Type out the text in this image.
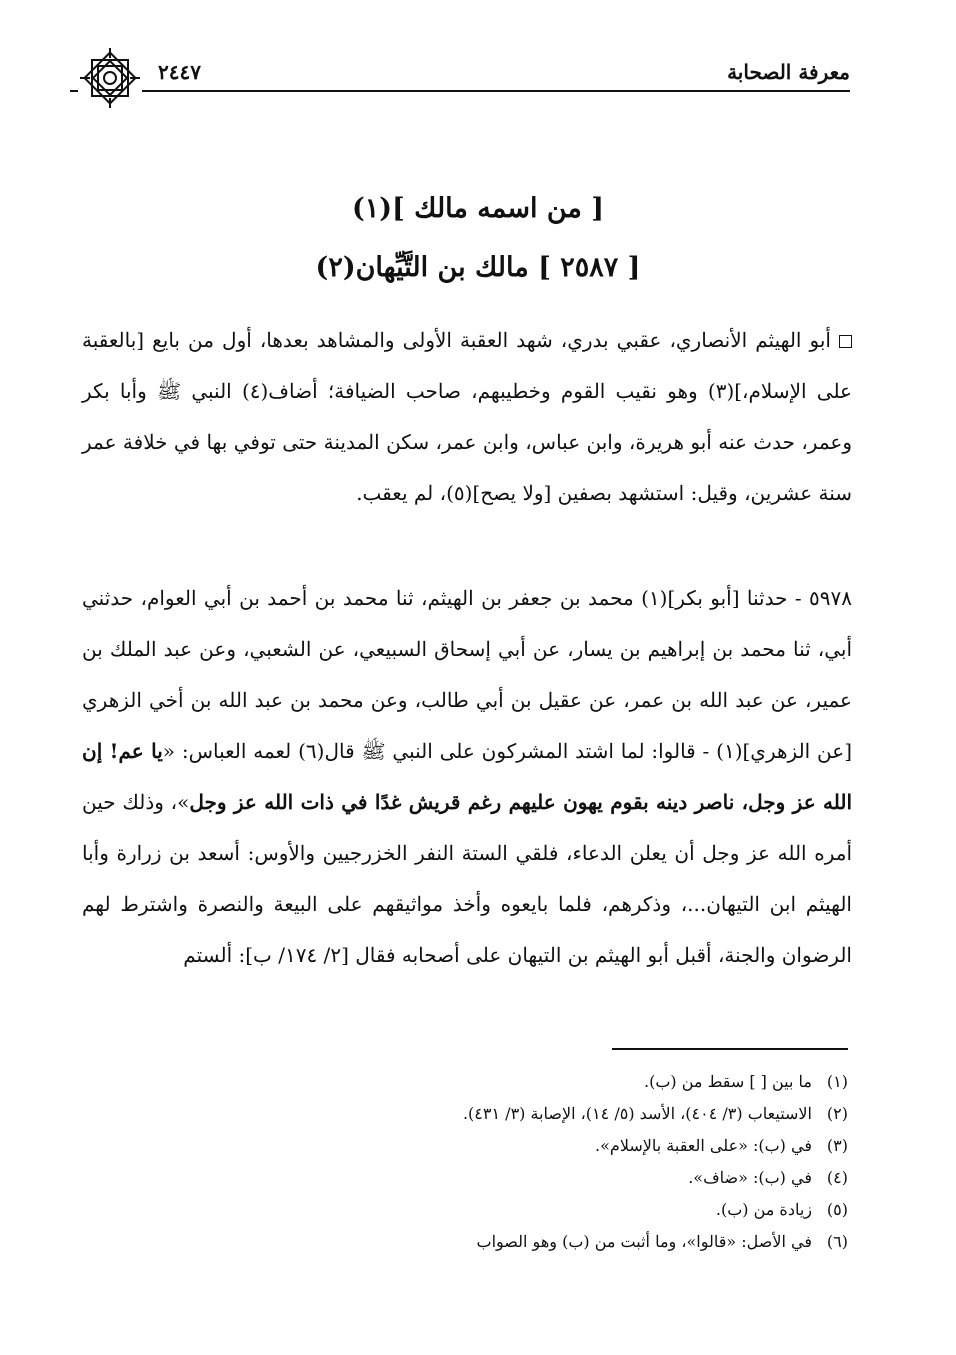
معرفة الصحابة
٢٤٤٧
[ من اسمه مالك ](١)
[ ٢٥٨٧ ] مالك بن التَّيِّهان(٢)

أبو الهيثم الأنصاري، عقبي بدري، شهد العقبة الأولى والمشاهد بعدها، أول من بايع [بالعقبة على الإسلام،](٣) وهو نقيب القوم وخطيبهم، صاحب الضيافة؛ أضاف(٤) النبي ﷺ وأبا بكر وعمر، حدث عنه أبو هريرة، وابن عباس، وابن عمر، سكن المدينة حتى توفي بها في خلافة عمر سنة عشرين، وقيل: استشهد بصفين [ولا يصح](٥)، لم يعقب.

٥٩٧٨ - حدثنا [أبو بكر](١) محمد بن جعفر بن الهيثم، ثنا محمد بن أحمد بن أبي العوام، حدثني أبي، ثنا محمد بن إبراهيم بن يسار، عن أبي إسحاق السبيعي، عن الشعبي، وعن عبد الملك بن عمير، عن عبد الله بن عمر، عن عقيل بن أبي طالب، وعن محمد بن عبد الله بن أخي الزهري [عن الزهري](١) - قالوا: لما اشتد المشركون على النبي ﷺ قال(٦) لعمه العباس: «يا عم! إن الله عز وجل، ناصر دينه بقوم يهون عليهم رغم قريش غدًا في ذات الله عز وجل»، وذلك حين أمره الله عز وجل أن يعلن الدعاء، فلقي الستة النفر الخزرجيين والأوس: أسعد بن زرارة وأبا الهيثم ابن التيهان...، وذكرهم، فلما بايعوه وأخذ مواثيقهم على البيعة والنصرة واشترط لهم الرضوان والجنة، أقبل أبو الهيثم بن التيهان على أصحابه فقال [٢/ ١٧٤/ ب]: ألستم

(١)ما بين [ ] سقط من (ب).
(٢)الاستيعاب (٣/ ٤٠٤)، الأسد (٥/ ١٤)، الإصابة (٣/ ٤٣١).
(٣)في (ب): «على العقبة بالإسلام».
(٤)في (ب): «ضاف».
(٥)زيادة من (ب).
(٦)في الأصل: «قالوا»، وما أثبت من (ب) وهو الصواب
